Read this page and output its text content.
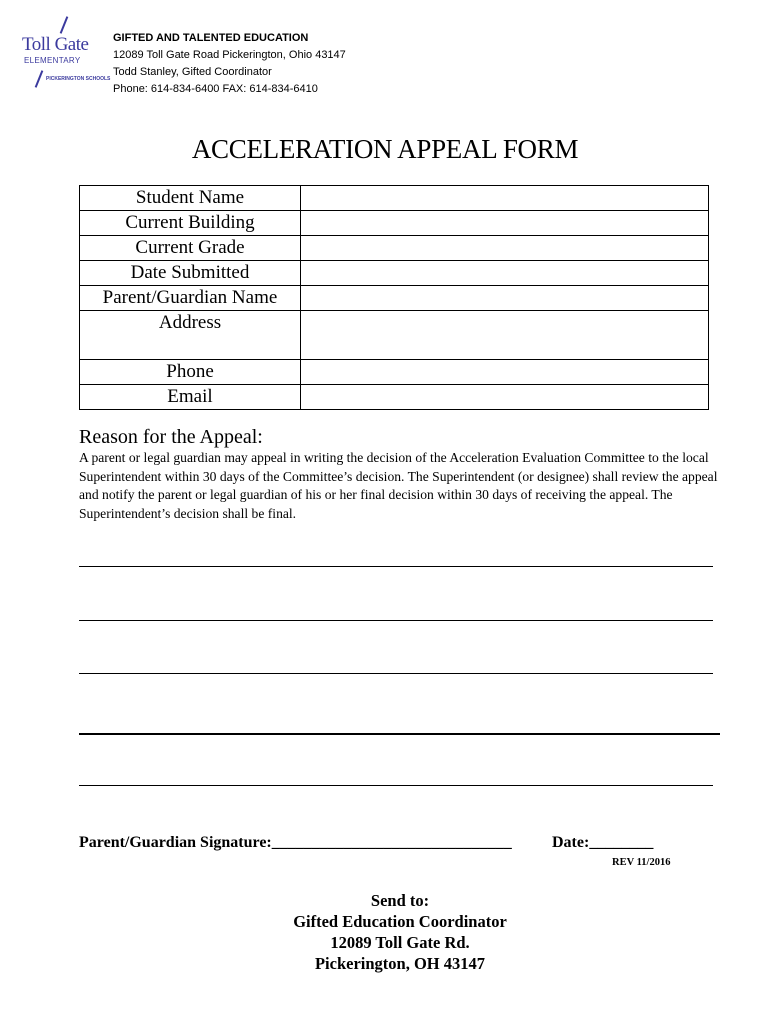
Toll Gate
ELEMENTARY
PICKERINGTON SCHOOLS
GIFTED AND TALENTED EDUCATION
12089 Toll Gate Road Pickerington, Ohio 43147
Todd Stanley, Gifted Coordinator
Phone: 614-834-6400 FAX: 614-834-6410
ACCELERATION APPEAL FORM
Student Name	
Current Building	
Current Grade	
Date Submitted	
Parent/Guardian Name	
Address	
Phone	
Email	
Reason for the Appeal:
A parent or legal guardian may appeal in writing the decision of the Acceleration Evaluation Committee to the local Superintendent within 30 days of the Committee’s decision. The Superintendent (or designee) shall review the appeal and notify the parent or legal guardian of his or her final decision within 30 days of receiving the appeal. The Superintendent’s decision shall be final.
Parent/Guardian Signature:______________________________	Date:________
REV 11/2016
Send to:
Gifted Education Coordinator
12089 Toll Gate Rd.
Pickerington, OH 43147
